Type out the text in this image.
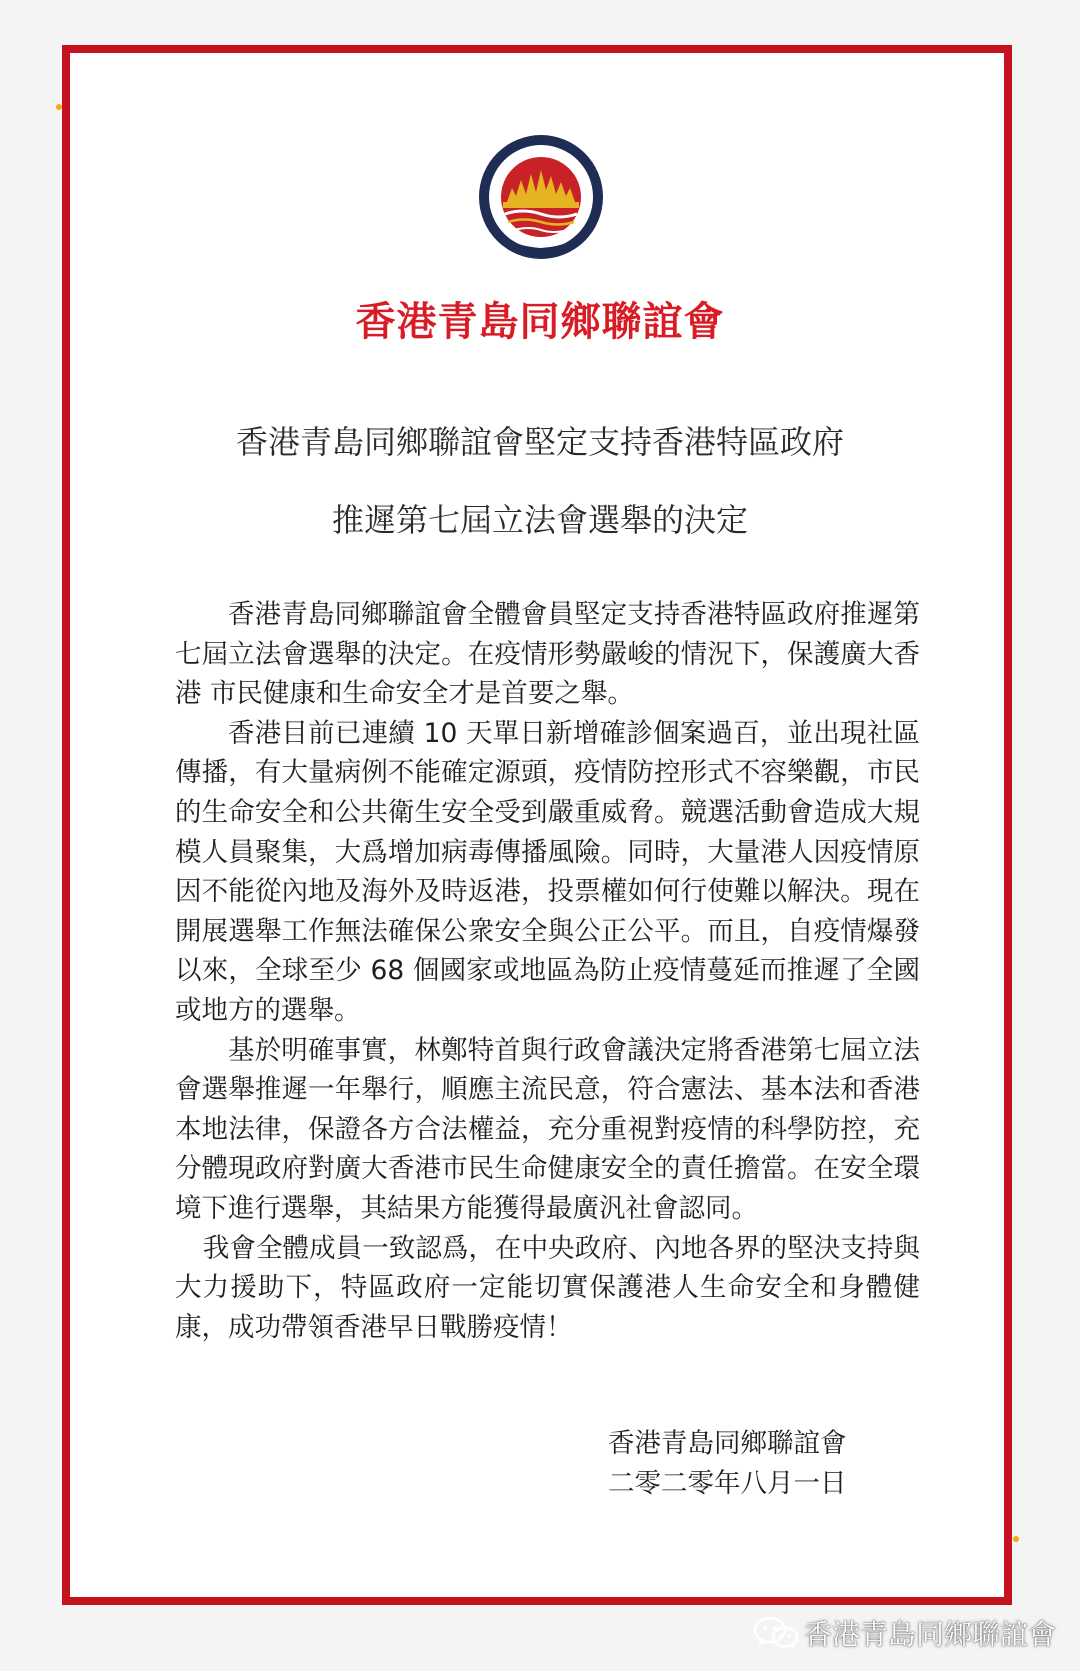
香港青島同鄉聯誼會
香港青島同鄉聯誼會堅定支持香港特區政府
推遲第七屆立法會選舉的決定

香港青島同鄉聯誼會全體會員堅定支持香港特區政府推遲第七屆立法會選舉的決定。在疫情形勢嚴峻的情況下，保護廣大香港 市民健康和生命安全才是首要之舉。

香港目前已連續 10 天單日新增確診個案過百，並出現社區傳播，有大量病例不能確定源頭，疫情防控形式不容樂觀，市民的生命安全和公共衛生安全受到嚴重威脅。競選活動會造成大規模人員聚集，大爲增加病毒傳播風險。同時，大量港人因疫情原因不能從內地及海外及時返港，投票權如何行使難以解決。現在開展選舉工作無法確保公衆安全與公正公平。而且，自疫情爆發以來，全球至少 68 個國家或地區為防止疫情蔓延而推遲了全國或地方的選舉。

基於明確事實，林鄭特首與行政會議決定將香港第七屆立法會選舉推遲一年舉行，順應主流民意，符合憲法、基本法和香港本地法律，保證各方合法權益，充分重視對疫情的科學防控，充分體現政府對廣大香港市民生命健康安全的責任擔當。在安全環境下進行選舉，其結果方能獲得最廣汎社會認同。

我會全體成員一致認爲，在中央政府、內地各界的堅決支持與大力援助下，特區政府一定能切實保護港人生命安全和身體健康，成功帶領香港早日戰勝疫情！

香港青島同鄉聯誼會
二零二零年八月一日
香港青島同鄉聯誼會
